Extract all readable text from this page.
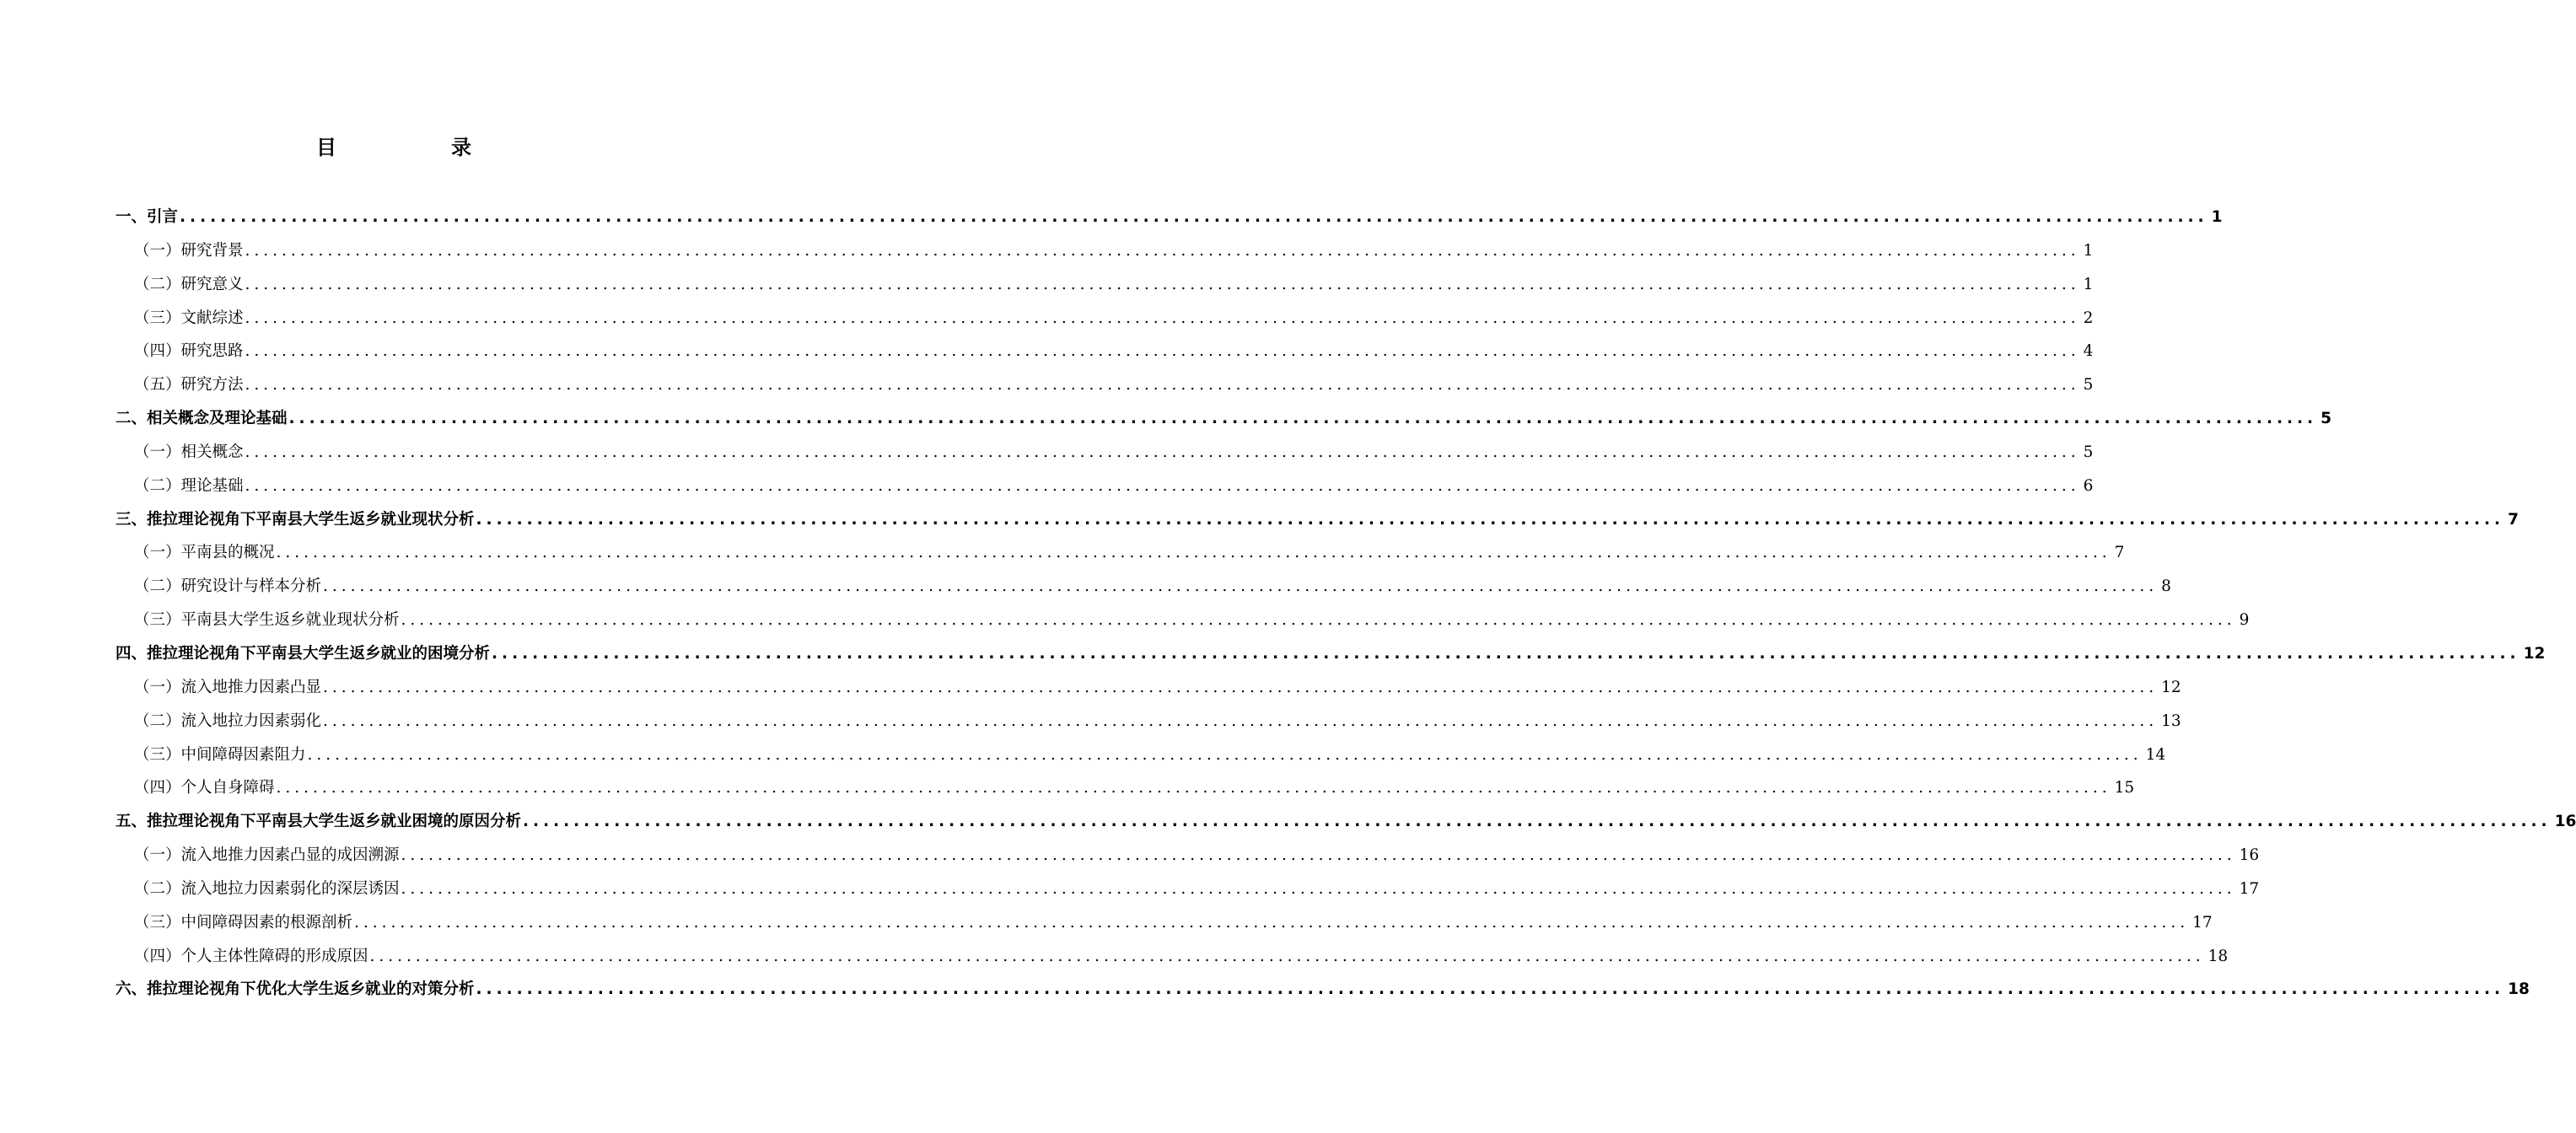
目　录
一、引言 ........................................................................................................................................................................................................ 1
（一）研究背景 ........................................................................................................................................................................................................ 1
（二）研究意义 ........................................................................................................................................................................................................ 1
（三）文献综述 ........................................................................................................................................................................................................ 2
（四）研究思路 ........................................................................................................................................................................................................ 4
（五）研究方法 ........................................................................................................................................................................................................ 5
二、相关概念及理论基础 ........................................................................................................................................................................................................ 5
（一）相关概念 ........................................................................................................................................................................................................ 5
（二）理论基础 ........................................................................................................................................................................................................ 6
三、推拉理论视角下平南县大学生返乡就业现状分析 ........................................................................................................................................................................................................ 7
（一）平南县的概况 ........................................................................................................................................................................................................ 7
（二）研究设计与样本分析 ........................................................................................................................................................................................................ 8
（三）平南县大学生返乡就业现状分析 ........................................................................................................................................................................................................ 9
四、推拉理论视角下平南县大学生返乡就业的困境分析 ........................................................................................................................................................................................................ 12
（一）流入地推力因素凸显 ........................................................................................................................................................................................................ 12
（二）流入地拉力因素弱化 ........................................................................................................................................................................................................ 13
（三）中间障碍因素阻力 ........................................................................................................................................................................................................ 14
（四）个人自身障碍 ........................................................................................................................................................................................................ 15
五、推拉理论视角下平南县大学生返乡就业困境的原因分析 ........................................................................................................................................................................................................ 16
（一）流入地推力因素凸显的成因溯源 ........................................................................................................................................................................................................ 16
（二）流入地拉力因素弱化的深层诱因 ........................................................................................................................................................................................................ 17
（三）中间障碍因素的根源剖析 ........................................................................................................................................................................................................ 17
（四）个人主体性障碍的形成原因 ........................................................................................................................................................................................................ 18
六、推拉理论视角下优化大学生返乡就业的对策分析 ........................................................................................................................................................................................................ 18
